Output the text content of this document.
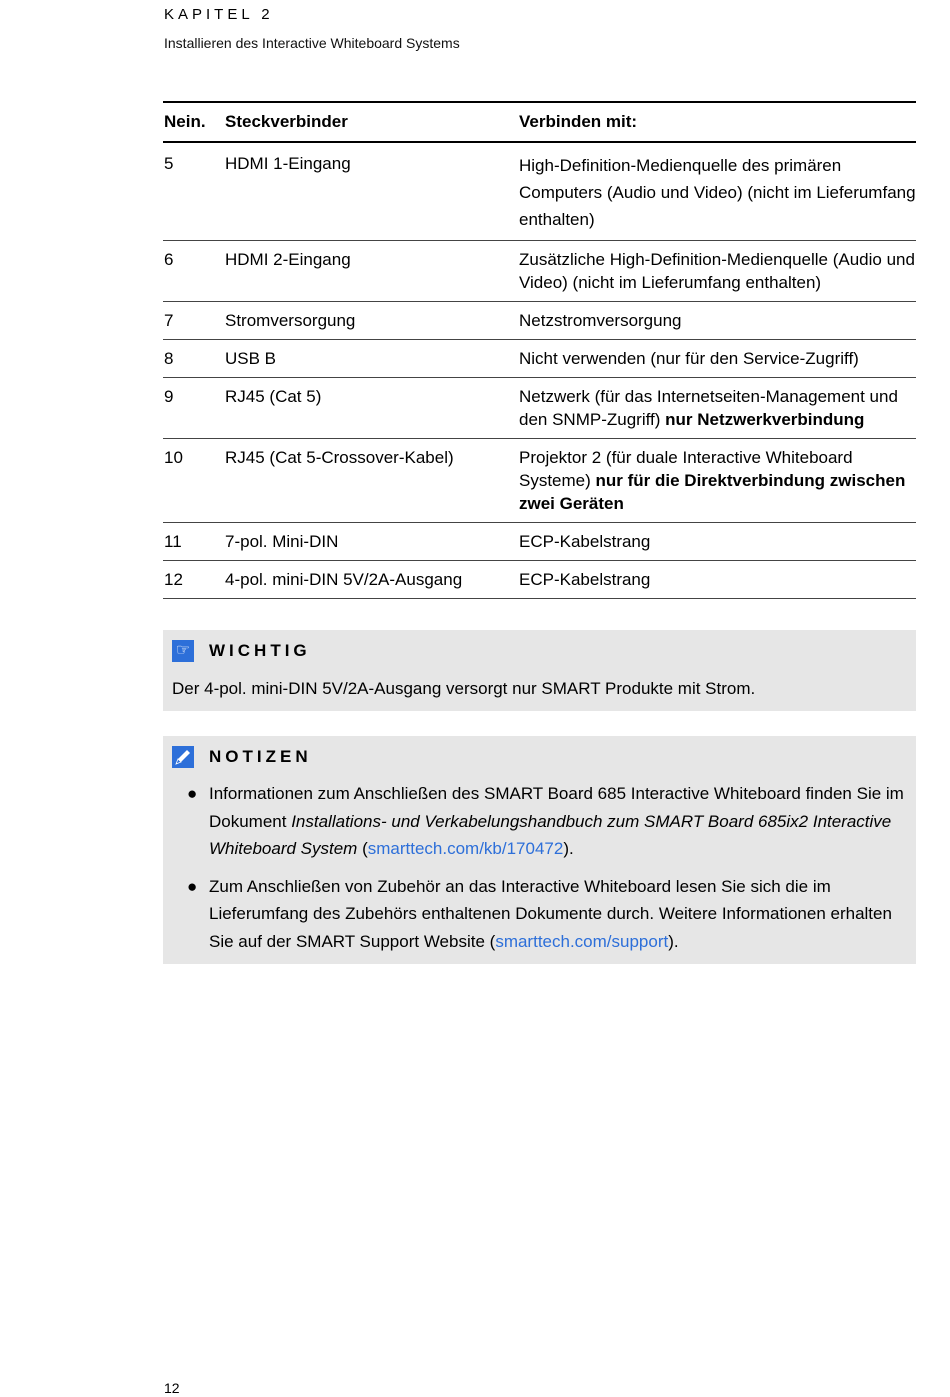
KAPITEL 2
Installieren des Interactive Whiteboard Systems
Nein.	Steckverbinder	Verbinden mit:
5	HDMI 1-Eingang	High-Definition-Medienquelle des primären Computers (Audio und Video) (nicht im Lieferumfang enthalten)
6	HDMI 2-Eingang	Zusätzliche High-Definition-Medienquelle (Audio und Video) (nicht im Lieferumfang enthalten)
7	Stromversorgung	Netzstromversorgung
8	USB B	Nicht verwenden (nur für den Service-Zugriff)
9	RJ45 (Cat 5)	Netzwerk (für das Internetseiten-Management und den SNMP-Zugriff) nur Netzwerkverbindung
10	RJ45 (Cat 5-Crossover-Kabel)	Projektor 2 (für duale Interactive Whiteboard Systeme) nur für die Direktverbindung zwischen zwei Geräten
11	7-pol. Mini-DIN	ECP-Kabelstrang
12	4-pol. mini-DIN 5V/2A-Ausgang	ECP-Kabelstrang
☞ WICHTIG
Der 4-pol. mini-DIN 5V/2A-Ausgang versorgt nur SMART Produkte mit Strom.
NOTIZEN
● Informationen zum Anschließen des SMART Board 685 Interactive Whiteboard finden Sie im Dokument Installations- und Verkabelungshandbuch zum SMART Board 685ix2 Interactive Whiteboard System (smarttech.com/kb/170472).
● Zum Anschließen von Zubehör an das Interactive Whiteboard lesen Sie sich die im Lieferumfang des Zubehörs enthaltenen Dokumente durch. Weitere Informationen erhalten Sie auf der SMART Support Website (smarttech.com/support).
12
